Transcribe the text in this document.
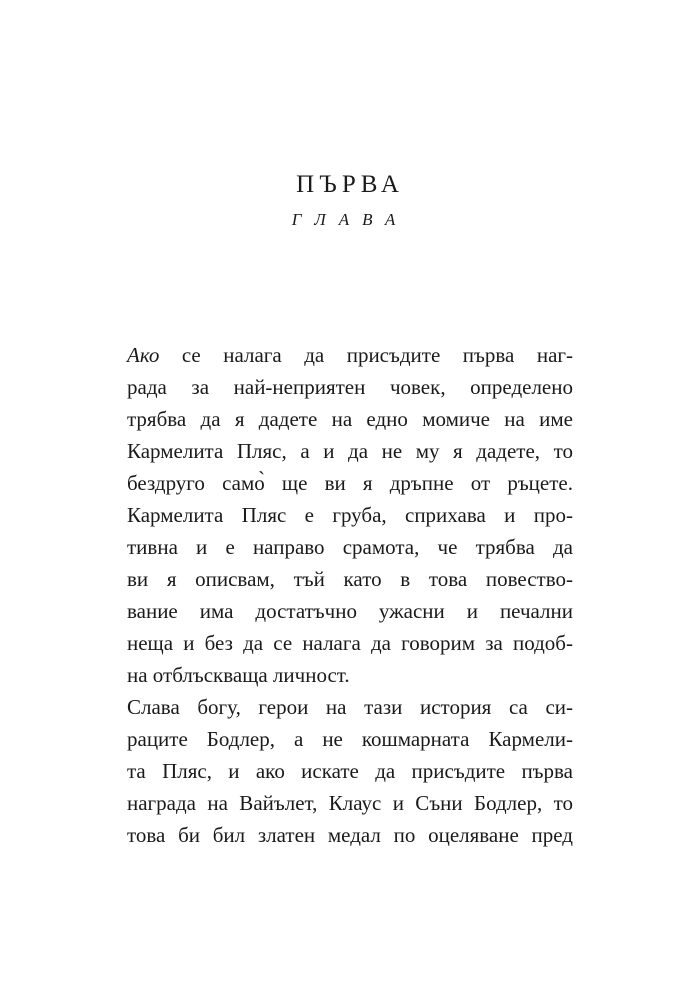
ПЪРВА
ГЛАВА
Ако се налага да присъдите първа наг-
рада за най-неприятен човек, определено
трябва да я дадете на едно момиче на име
Кармелита Пляс, а и да не му я дадете, то
бездруго само̀ ще ви я дръпне от ръцете.
Кармелита Пляс е груба, сприхава и про-
тивна и е направо срамота, че трябва да
ви я описвам, тъй като в това повество-
вание има достатъчно ужасни и печални
неща и без да се налага да говорим за подоб-
на отблъскваща личност.
Слава богу, герои на тази история са си-
раците Бодлер, а не кошмарната Кармели-
та Пляс, и ако искате да присъдите първа
награда на Вайълет, Клаус и Съни Бодлер, то
това би бил златен медал по оцеляване пред
